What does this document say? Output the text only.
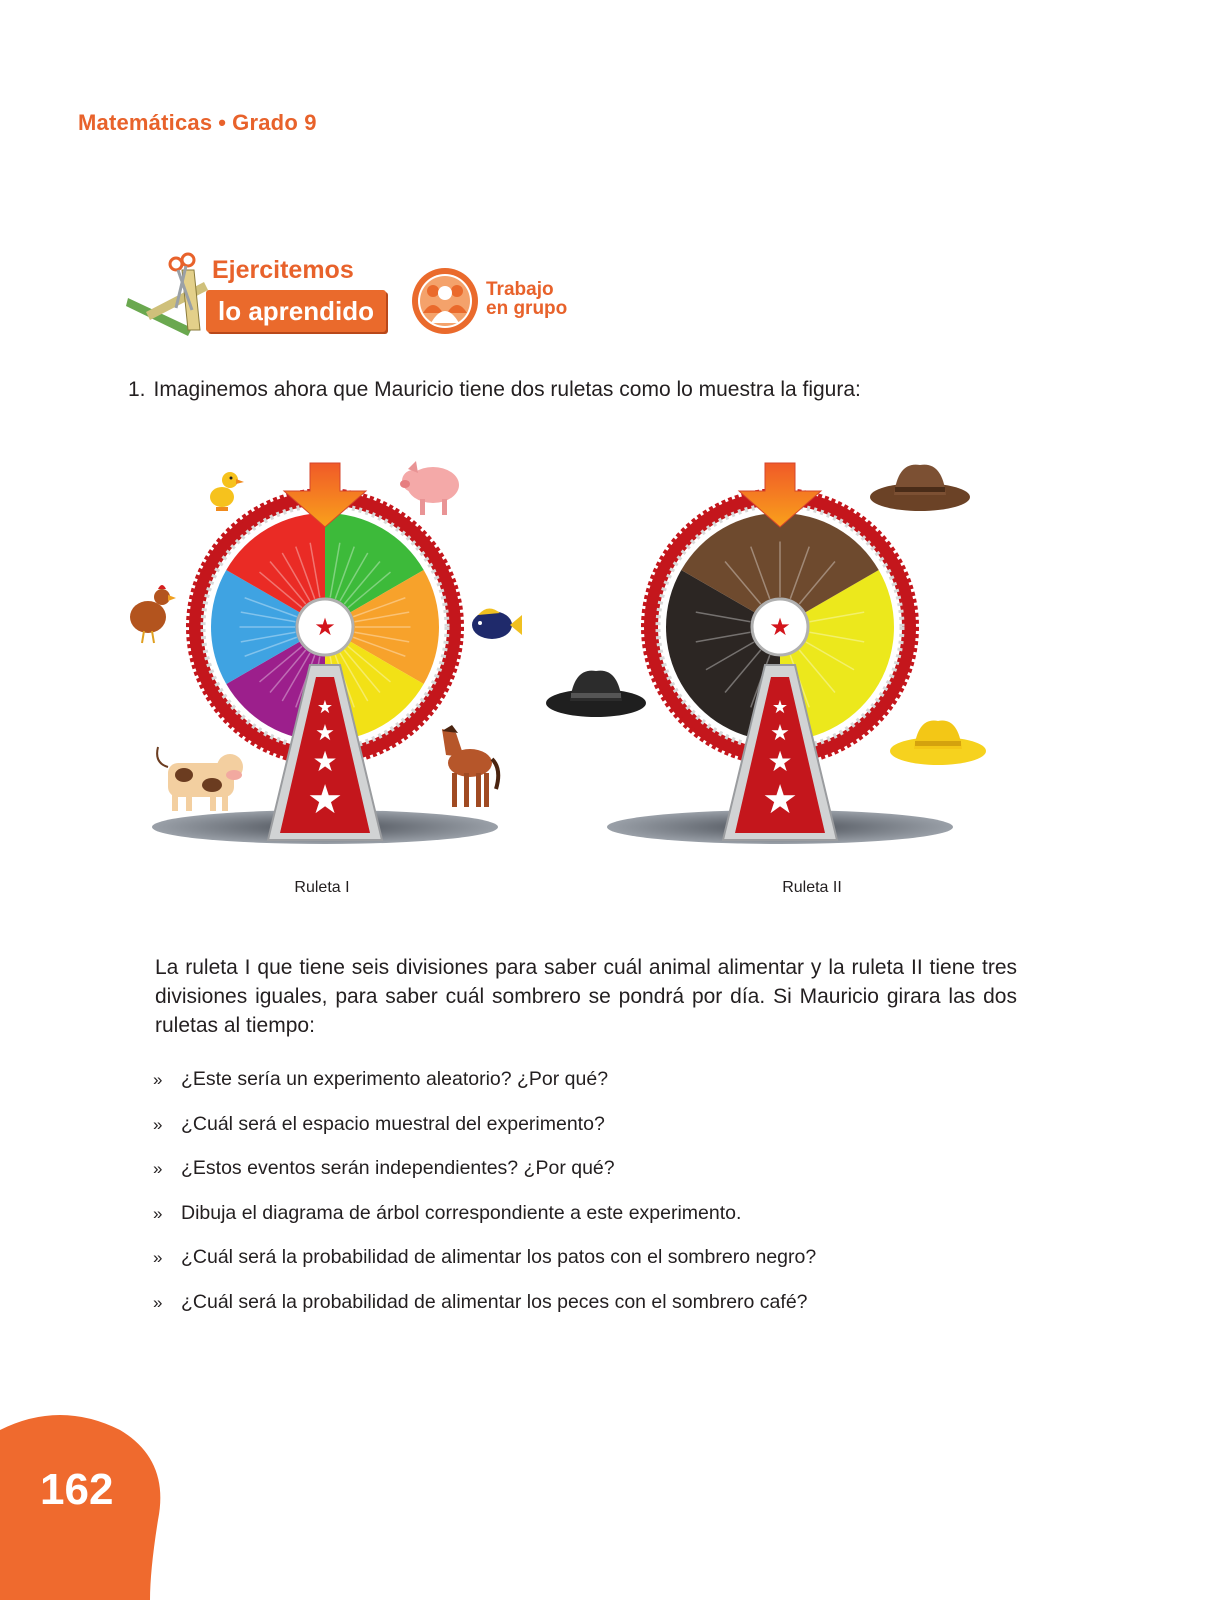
Matemáticas • Grado 9
Ejercitemos
lo aprendido
Trabajo
en grupo
1. Imaginemos ahora que Mauricio tiene dos ruletas como lo muestra la figura:
★
★
★
★
★
★
★
★
★
★
Ruleta I	Ruleta II
La ruleta I que tiene seis divisiones para saber cuál animal alimentar y la ruleta II tiene tres divisiones iguales, para saber cuál sombrero se pondrá por día. Si Mauricio girara las dos ruletas al tiempo:
» ¿Este sería un experimento aleatorio? ¿Por qué?
» ¿Cuál será el espacio muestral del experimento?
» ¿Estos eventos serán independientes? ¿Por qué?
» Dibuja el diagrama de árbol correspondiente a este experimento.
» ¿Cuál será la probabilidad de alimentar los patos con el sombrero negro?
» ¿Cuál será la probabilidad de alimentar los peces con el sombrero café?
162
